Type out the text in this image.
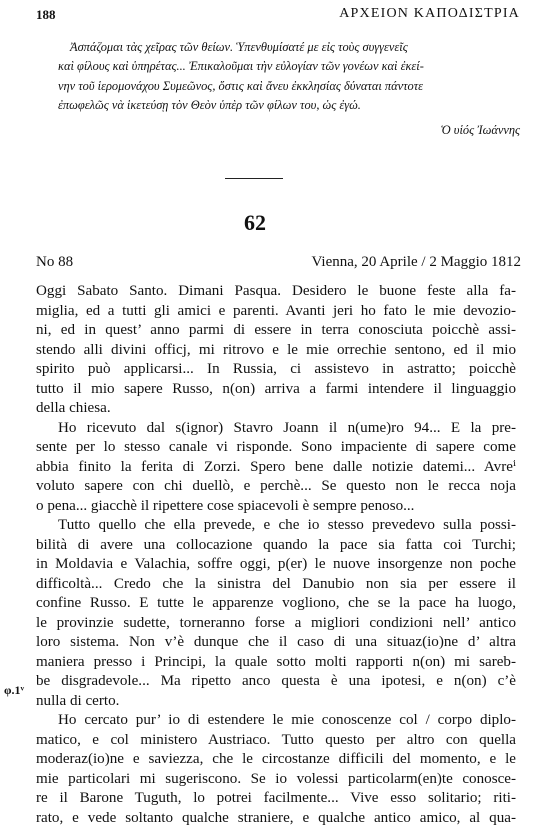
188	ΑΡΧΕΙΟΝ ΚΑΠΟΔΙΣΤΡΙΑ

Ἀσπάζομαι τὰς χεῖρας τῶν θείων. Ὑπενθυμίσατέ με εἰς τοὺς συγγενεῖς

καὶ φίλους καὶ ὑπηρέτας... Ἐπικαλοῦμαι τὴν εὐλογίαν τῶν γονέων καὶ ἐκεί-

νην τοῦ ἱερομονάχου Συμεῶνος, ὅστις καὶ ἄνευ ἐκκλησίας δύναται πάντοτε

ἐπωφελῶς νὰ ἱκετεύσῃ τὸν Θεὸν ὑπὲρ τῶν φίλων του, ὡς ἐγώ.

Ὁ υἱός Ἰωάννης
62
No 88	Vienna, 20 Aprile / 2 Maggio 1812
Oggi Sabato Santo. Dimani Pasqua. Desidero le buone feste alla fa-
miglia, ed a tutti gli amici e parenti. Avanti jeri ho fato le mie devozio-
ni, ed in quest’ anno parmi di essere in terra conosciuta poicchè assi-
stendo alli divini officj, mi ritrovo e le mie orrechie sentono, ed il mio
spirito può applicarsi... In Russia, ci assistevo in astratto; poicchè
tutto il mio sapere Russo, n(on) arriva a farmi intendere il linguaggio
della chiesa.
Ho ricevuto dal s(ignor) Stavro Joann il n(ume)ro 94... E la pre-
sente per lo stesso canale vi risponde. Sono impaciente di sapere come
abbia finito la ferita di Zorzi. Spero bene dalle notizie datemi... Avreⁱ
voluto sapere con chi duellò, e perchè... Se questo non le recca noja
o pena... giacchè il ripettere cose spiacevoli è sempre penoso...
Tutto quello che ella prevede, e che io stesso prevedevo sulla possi-
bilità di avere una collocazione quando la pace sia fatta coi Turchi;
in Moldavia e Valachia, soffre oggi, p(er) le nuove insorgenze non poche
difficoltà... Credo che la sinistra del Danubio non sia per essere il
confine Russo. E tutte le apparenze vogliono, che se la pace ha luogo,
le provinzie sudette, torneranno forse a migliori condizioni nell’ antico
loro sistema. Non v’è dunque che il caso di una situaz(io)ne d’ altra
maniera presso i Principi, la quale sotto molti rapporti n(on) mi sareb-
be disgradevole... Ma ripetto anco questa è una ipotesi, e n(on) c’è
nulla di certo.
Ho cercato pur’ io di estendere le mie conoscenze col / corpo diplo-
matico, e col ministero Austriaco. Tutto questo per altro con quella
moderaz(io)ne e saviezza, che le circostanze difficili del momento, e le
mie particolari mi sugeriscono. Se io volessi particolarm(en)te conosce-
re il Barone Tuguth, lo potrei facilmente... Vive esso solitario; riti-
rato, e vede soltanto qualche straniere, e qualche antico amico, al qua-
φ.1ᵛ
